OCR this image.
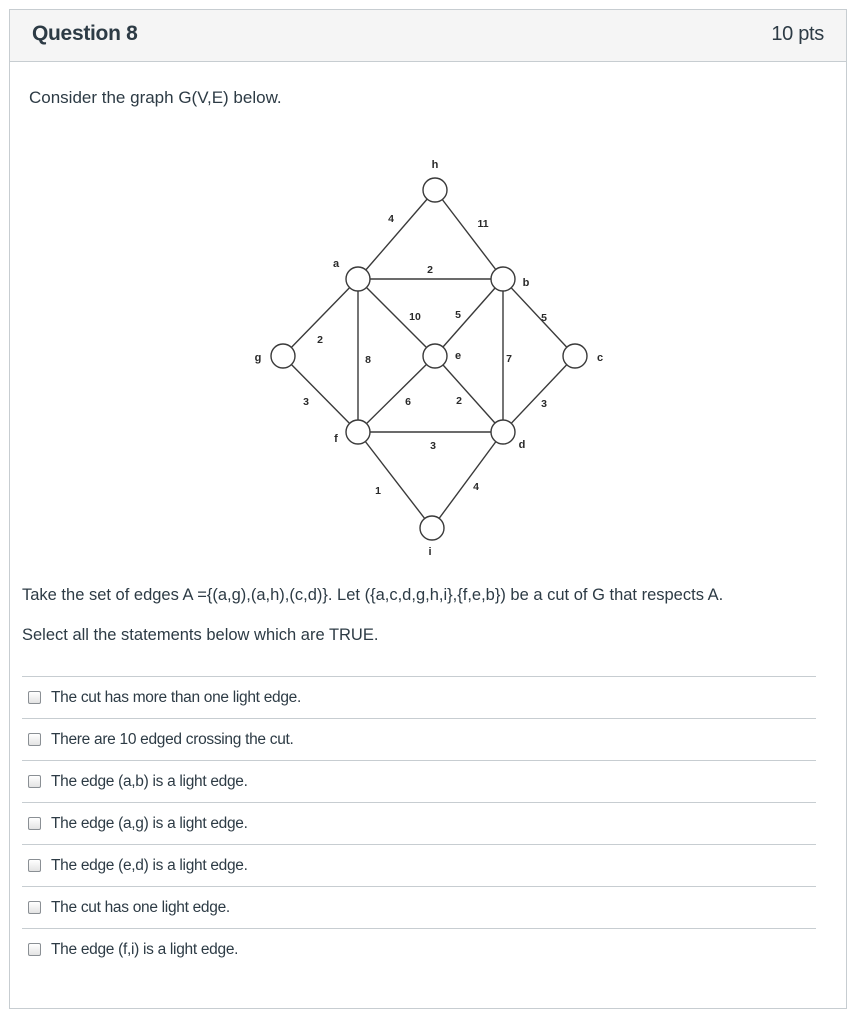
Question 8	10 pts
Consider the graph G(V,E) below.
h
a
b
g	e	c
f	d
i
4	11
2
2
8
10	5
7
5
3	6	2	3
3
1	4
Take the set of edges A ={(a,g),(a,h),(c,d)}. Let ({a,c,d,g,h,i},{f,e,b}) be a cut of G that respects A.
Select all the statements below which are TRUE.
The cut has more than one light edge.
There are 10 edged crossing the cut.
The edge (a,b) is a light edge.
The edge (a,g) is a light edge.
The edge (e,d) is a light edge.
The cut has one light edge.
The edge (f,i) is a light edge.
